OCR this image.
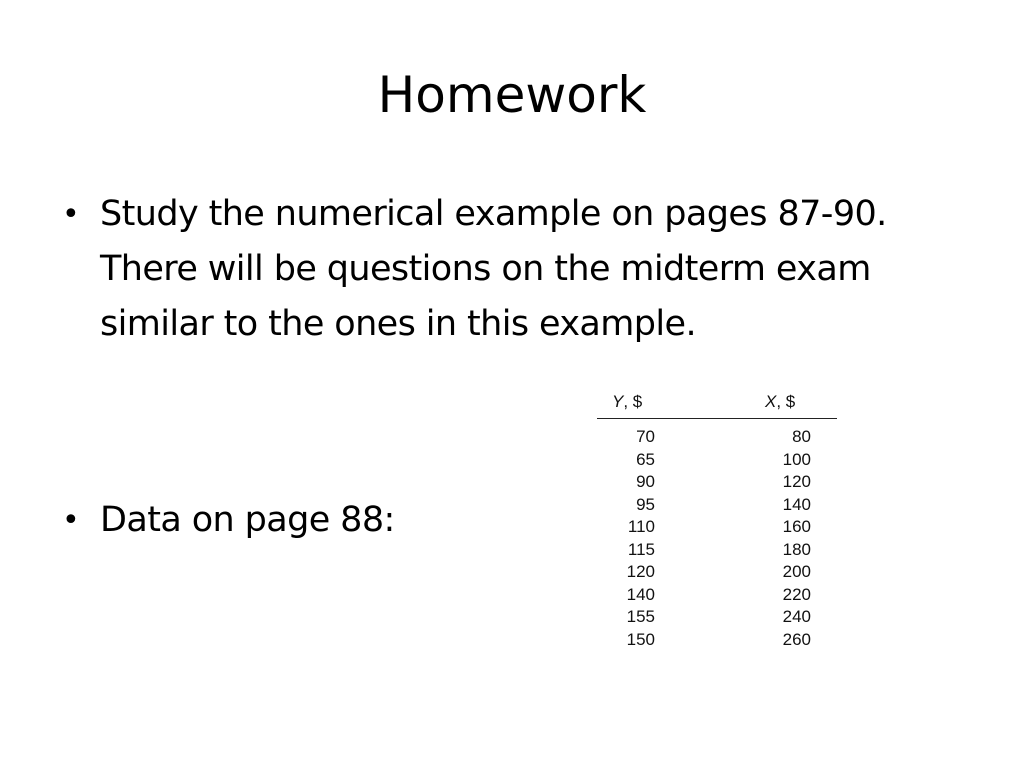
Homework
• Study the numerical example on pages 87-90.
There will be questions on the midterm exam
similar to the ones in this example.
• Data on page 88:
Y, $	X, $
70	80
65	100
90	120
95	140
110	160
115	180
120	200
140	220
155	240
150	260
